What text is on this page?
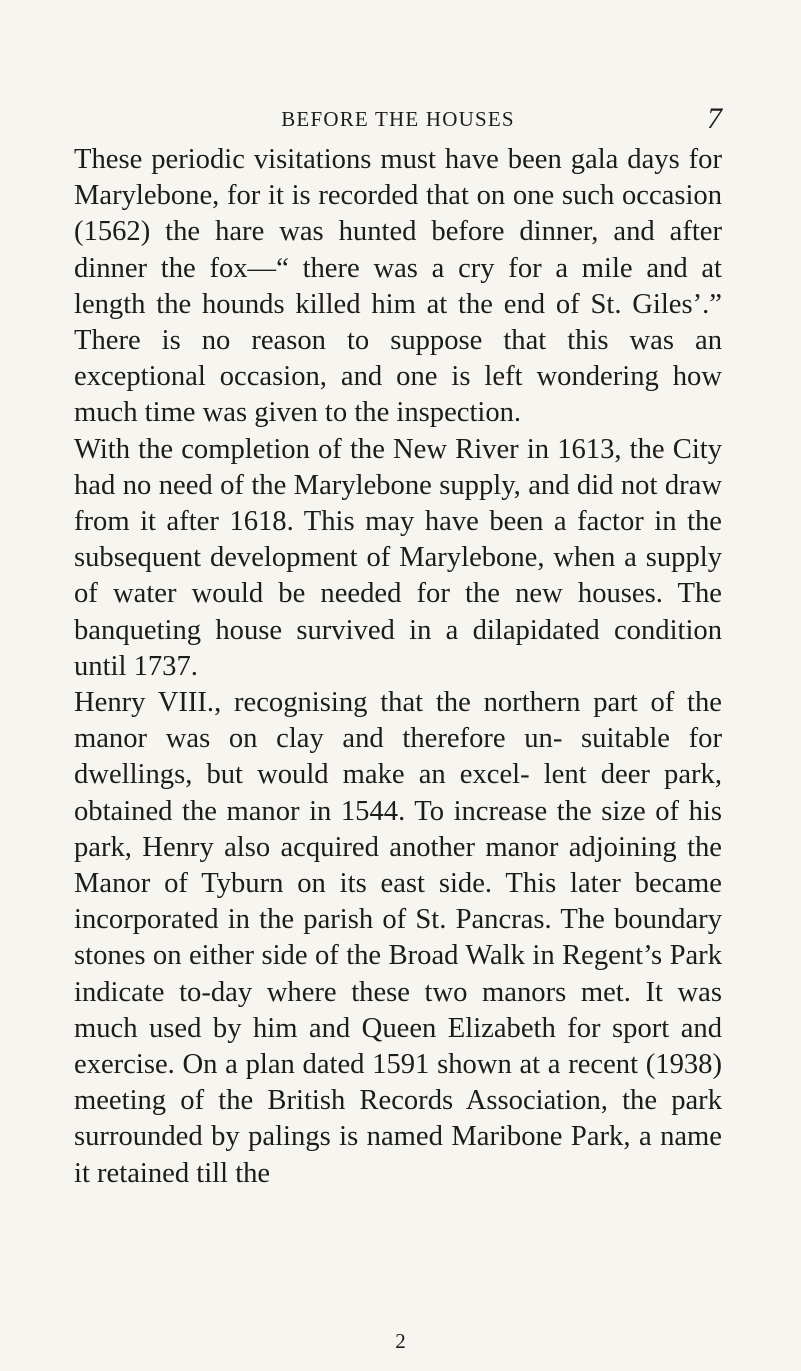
BEFORE THE HOUSES	7

These periodic visitations must have been gala days for Marylebone, for it is recorded that on one such occasion (1562) the hare was hunted before dinner, and after dinner the fox—“ there was a cry for a mile and at length the hounds killed him at the end of St. Giles’.” There is no reason to suppose that this was an exceptional occasion, and one is left wondering how much time was given to the inspection.

With the completion of the New River in 1613, the City had no need of the Marylebone supply, and did not draw from it after 1618. This may have been a factor in the subsequent development of Marylebone, when a supply of water would be needed for the new houses. The banqueting house survived in a dilapidated condition until 1737.

Henry VIII., recognising that the northern part of the manor was on clay and therefore un- suitable for dwellings, but would make an excel- lent deer park, obtained the manor in 1544. To increase the size of his park, Henry also acquired another manor adjoining the Manor of Tyburn on its east side. This later became incorporated in the parish of St. Pancras. The boundary stones on either side of the Broad Walk in Regent’s Park indicate to-day where these two manors met. It was much used by him and Queen Elizabeth for sport and exercise. On a plan dated 1591 shown at a recent (1938) meeting of the British Records Association, the park surrounded by palings is named Maribone Park, a name it retained till the

2
